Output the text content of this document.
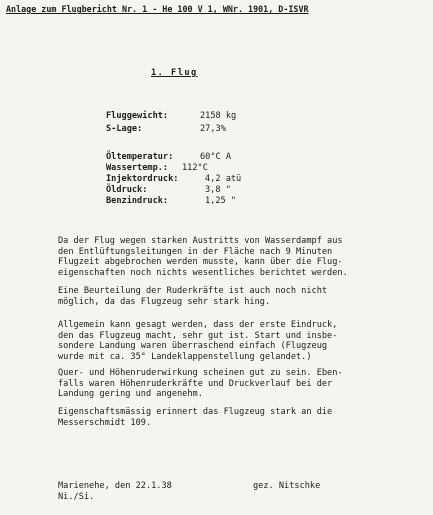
Anlage zum Flugbericht Nr. 1 - He 100 V 1, WNr. 1901, D-ISVR
1. Flug
Fluggewicht:	2158 kg
S-Lage:	27,3%
Öltemperatur:	60°C A
Wassertemp.: 112°C
Injektordruck:	4,2 atü
Öldruck:	3,8 "
Benzindruck:	1,25 "
Da der Flug wegen starken Austritts von Wasserdampf aus
den Entlüftungsleitungen in der Fläche nach 9 Minuten
Flugzeit abgebrochen werden musste, kann über die Flug-
eigenschaften noch nichts wesentliches berichtet werden.
Eine Beurteilung der Ruderkräfte ist auch noch nicht
möglich, da das Flugzeug sehr stark hing.
Allgemein kann gesagt werden, dass der erste Eindruck,
den das Flugzeug macht, sehr gut ist. Start und insbe-
sondere Landung waren überraschend einfach (Flugzeug
wurde mit ca. 35° Landeklappenstellung gelandet.)
Quer- und Höhenruderwirkung scheinen gut zu sein. Eben-
falls waren Höhenruderkräfte und Druckverlauf bei der
Landung gering und angenehm.
Eigenschaftsmässig erinnert das Flugzeug stark an die
Messerschmidt 109.
Marienehe, den 22.1.38	gez. Nitschke
Ni./Si.
